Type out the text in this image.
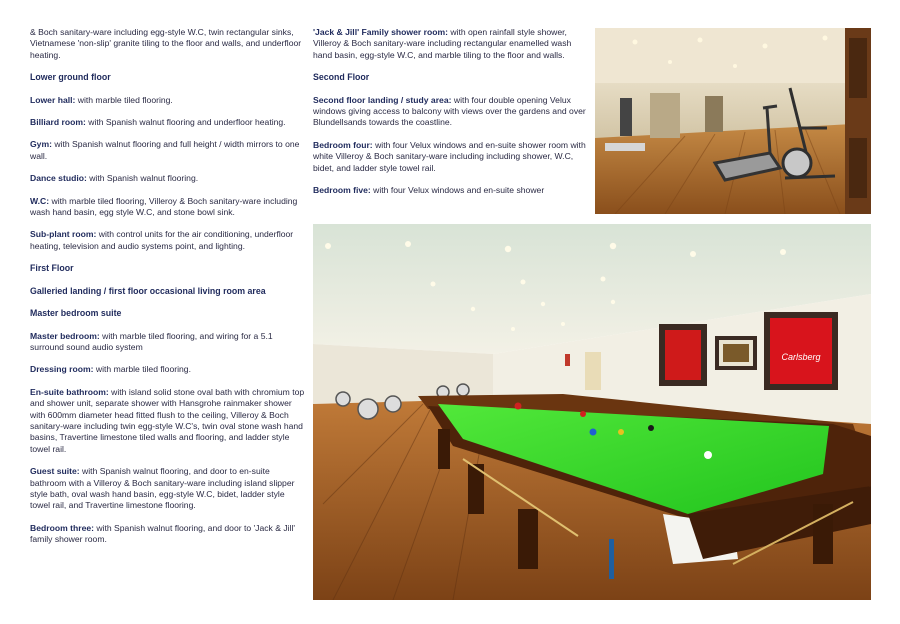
& Boch sanitary-ware including egg-style W.C, twin rectangular sinks, Vietnamese 'non-slip' granite tiling to the floor and walls, and underfloor heating.

Lower ground floor

Lower hall: with marble tiled flooring.

Billiard room: with Spanish walnut flooring and underfloor heating.

Gym: with Spanish walnut flooring and full height / width mirrors to one wall.

Dance studio: with Spanish walnut flooring.

W.C: with marble tiled flooring, Villeroy & Boch sanitary-ware including wash hand basin, egg style W.C, and stone bowl sink.

Sub-plant room: with control units for the air conditioning, underfloor heating, television and audio systems point, and lighting.

First Floor
Galleried landing / first floor occasional living room area
Master bedroom suite

Master bedroom: with marble tiled flooring, and wiring for a 5.1 surround sound audio system

Dressing room: with marble tiled flooring.

En-suite bathroom: with island solid stone oval bath with chromium top and shower unit, separate shower with Hansgrohe rainmaker shower with 600mm diameter head fitted flush to the ceiling, Villeroy & Boch sanitary-ware including twin egg-style W.C's, twin oval stone wash hand basins, Travertine limestone tiled walls and flooring, and ladder style towel rail.

Guest suite: with Spanish walnut flooring, and door to en-suite bathroom with a Villeroy & Boch sanitary-ware including island slipper style bath, oval wash hand basin, egg-style W.C, bidet, ladder style towel rail, and Travertine limestone flooring.

Bedroom three: with Spanish walnut flooring, and door to 'Jack & Jill' family shower room.

'Jack & Jill' Family shower room: with open rainfall style shower, Villeroy & Boch sanitary-ware including rectangular enamelled wash hand basin, egg-style W.C, and marble tiling to the floor and walls.

Second Floor

Second floor landing / study area: with four double opening Velux windows giving access to balcony with views over the gardens and over Blundellsands towards the coastline.

Bedroom four: with four Velux windows and en-suite shower room with white Villeroy & Boch sanitary-ware including including shower, W.C, bidet, and ladder style towel rail.

Bedroom five: with four Velux windows and en-suite shower

Carlsberg
